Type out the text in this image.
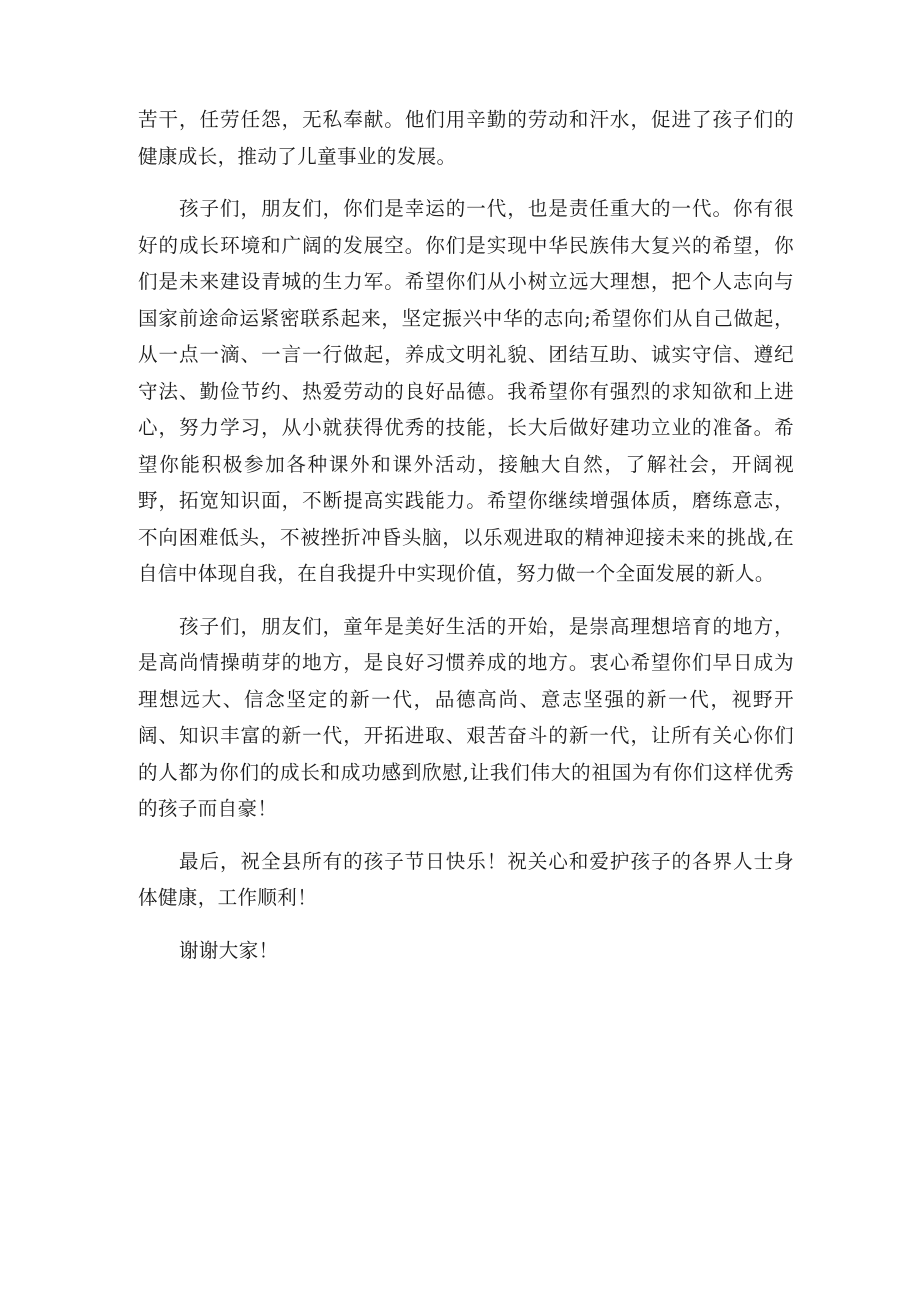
苦干，任劳任怨，无私奉献。他们用辛勤的劳动和汗水，促进了孩子们的健康成长，推动了儿童事业的发展。

孩子们，朋友们，你们是幸运的一代，也是责任重大的一代。你有很好的成长环境和广阔的发展空。你们是实现中华民族伟大复兴的希望，你们是未来建设青城的生力军。希望你们从小树立远大理想，把个人志向与国家前途命运紧密联系起来，坚定振兴中华的志向;希望你们从自己做起，从一点一滴、一言一行做起，养成文明礼貌、团结互助、诚实守信、遵纪守法、勤俭节约、热爱劳动的良好品德。我希望你有强烈的求知欲和上进心，努力学习，从小就获得优秀的技能，长大后做好建功立业的准备。希望你能积极参加各种课外和课外活动，接触大自然，了解社会，开阔视野，拓宽知识面，不断提高实践能力。希望你继续增强体质，磨练意志，不向困难低头，不被挫折冲昏头脑，以乐观进取的精神迎接未来的挑战,在自信中体现自我，在自我提升中实现价值，努力做一个全面发展的新人。

孩子们，朋友们，童年是美好生活的开始，是崇高理想培育的地方，是高尚情操萌芽的地方，是良好习惯养成的地方。衷心希望你们早日成为理想远大、信念坚定的新一代，品德高尚、意志坚强的新一代，视野开阔、知识丰富的新一代，开拓进取、艰苦奋斗的新一代，让所有关心你们的人都为你们的成长和成功感到欣慰,让我们伟大的祖国为有你们这样优秀的孩子而自豪！

最后，祝全县所有的孩子节日快乐！祝关心和爱护孩子的各界人士身体健康，工作顺利！

谢谢大家！
